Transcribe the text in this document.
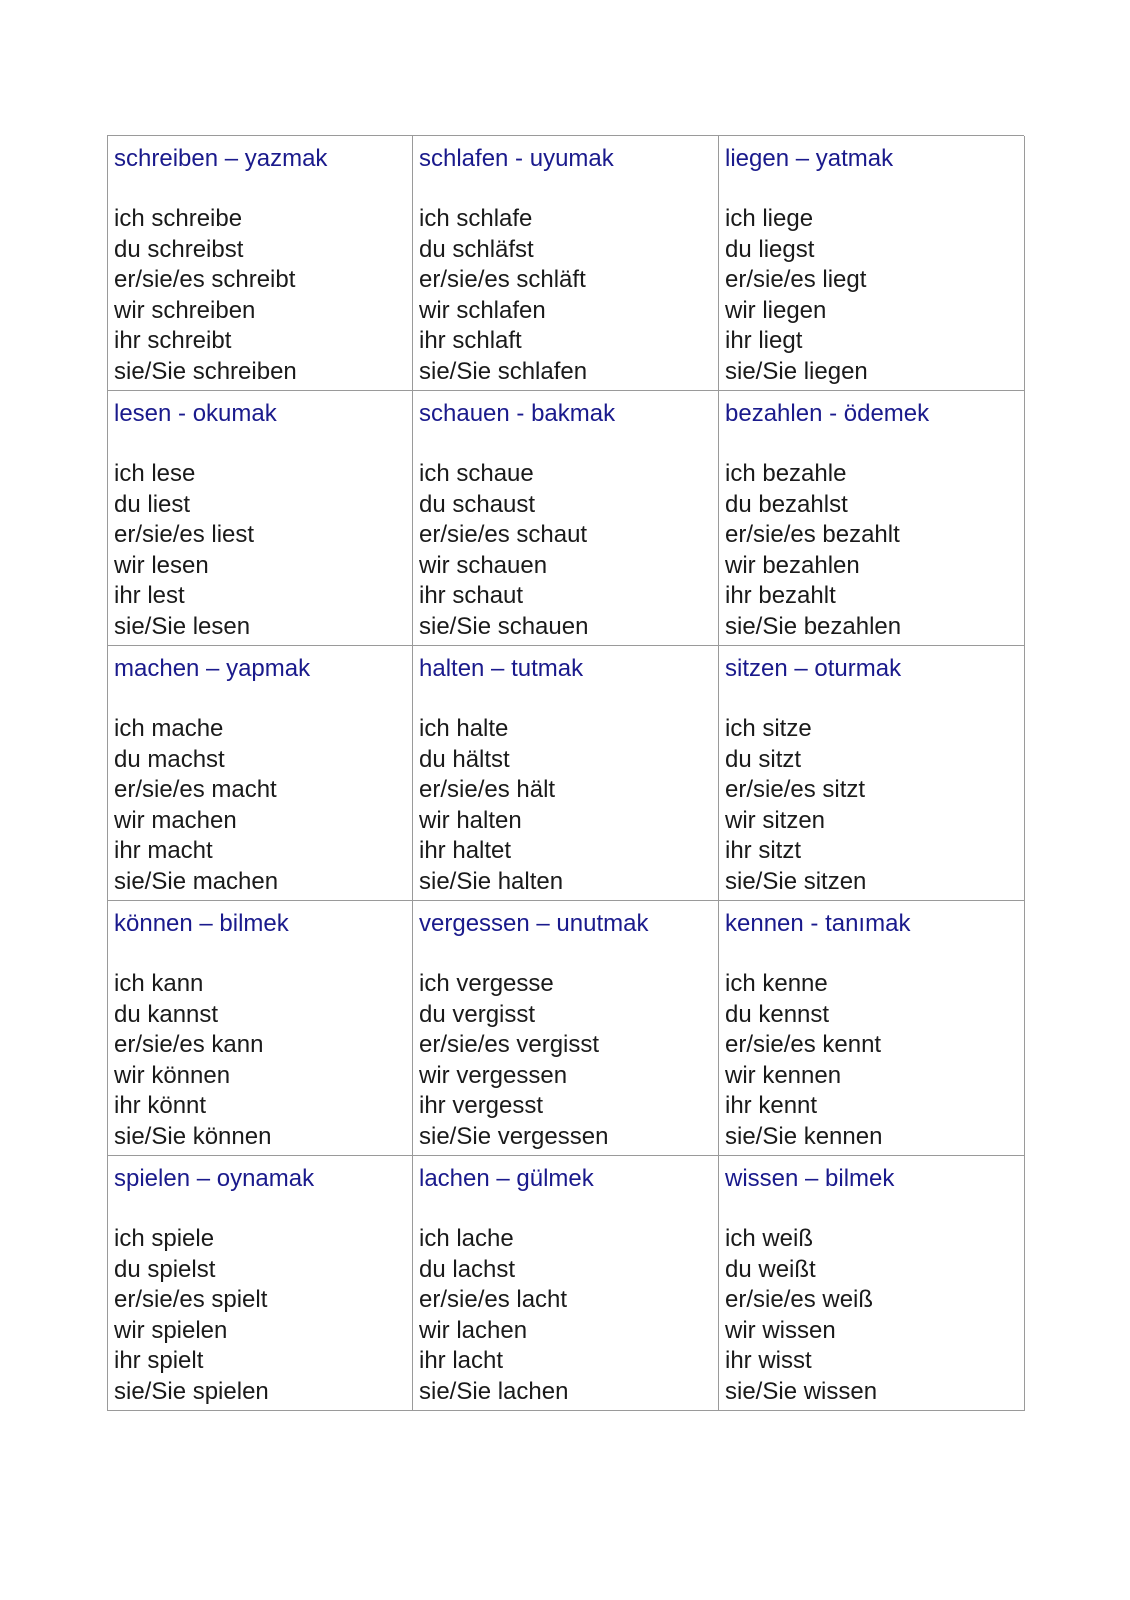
schreiben – yazmak
ich schreibe
du schreibst
er/sie/es schreibt
wir schreiben
ihr schreibt
sie/Sie schreiben
schlafen - uyumak
ich schlafe
du schläfst
er/sie/es schläft
wir schlafen
ihr schlaft
sie/Sie schlafen
liegen – yatmak
ich liege
du liegst
er/sie/es liegt
wir liegen
ihr liegt
sie/Sie liegen
lesen - okumak
ich lese
du liest
er/sie/es liest
wir lesen
ihr lest
sie/Sie lesen
schauen - bakmak
ich schaue
du schaust
er/sie/es schaut
wir schauen
ihr schaut
sie/Sie schauen
bezahlen - ödemek
ich bezahle
du bezahlst
er/sie/es bezahlt
wir bezahlen
ihr bezahlt
sie/Sie bezahlen
machen – yapmak
ich mache
du machst
er/sie/es macht
wir machen
ihr macht
sie/Sie machen
halten – tutmak
ich halte
du hältst
er/sie/es hält
wir halten
ihr haltet
sie/Sie halten
sitzen – oturmak
ich sitze
du sitzt
er/sie/es sitzt
wir sitzen
ihr sitzt
sie/Sie sitzen
können – bilmek
ich kann
du kannst
er/sie/es kann
wir können
ihr könnt
sie/Sie können
vergessen – unutmak
ich vergesse
du vergisst
er/sie/es vergisst
wir vergessen
ihr vergesst
sie/Sie vergessen
kennen - tanımak
ich kenne
du kennst
er/sie/es kennt
wir kennen
ihr kennt
sie/Sie kennen
spielen – oynamak
ich spiele
du spielst
er/sie/es spielt
wir spielen
ihr spielt
sie/Sie spielen
lachen – gülmek
ich lache
du lachst
er/sie/es lacht
wir lachen
ihr lacht
sie/Sie lachen
wissen – bilmek
ich weiß
du weißt
er/sie/es weiß
wir wissen
ihr wisst
sie/Sie wissen
